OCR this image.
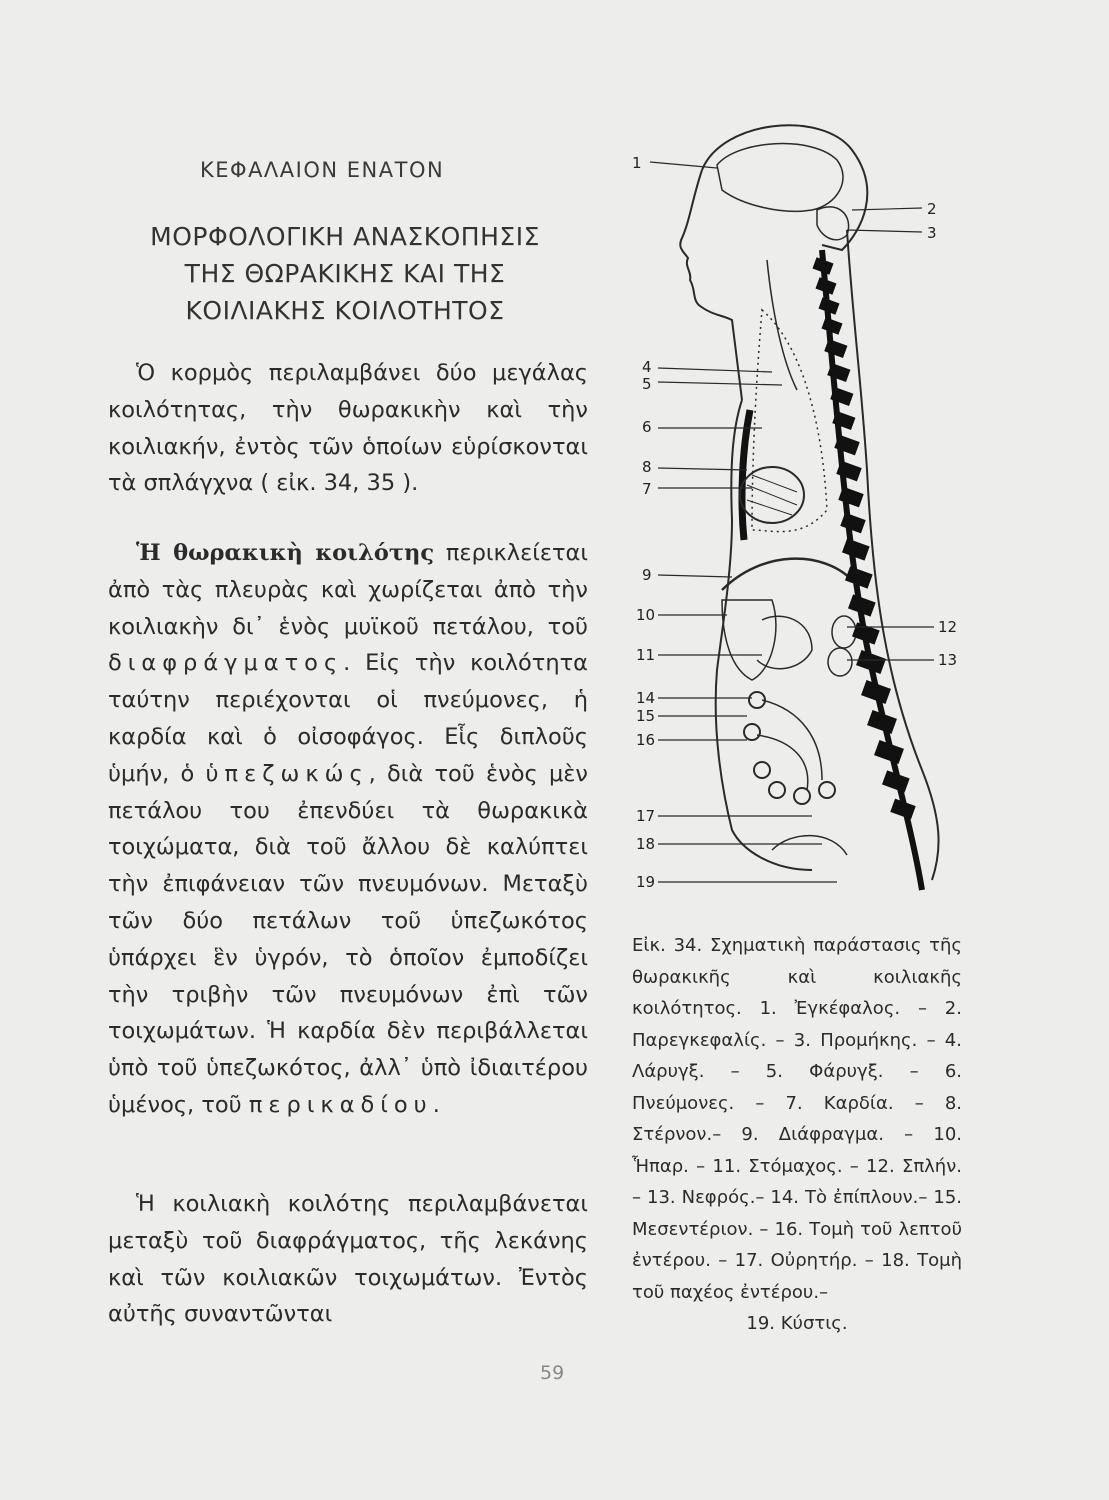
ΚΕΦΑΛΑΙΟΝ ΕΝΑΤΟΝ
ΜΟΡΦΟΛΟΓΙΚΗ ΑΝΑΣΚΟΠΗΣΙΣ
ΤΗΣ ΘΩΡΑΚΙΚΗΣ ΚΑΙ ΤΗΣ
ΚΟΙΛΙΑΚΗΣ ΚΟΙΛΟΤΗΤΟΣ
Ὁ κορμὸς περιλαμβάνει δύο μεγάλας κοιλότητας, τὴν θωρακικὴν καὶ τὴν κοιλιακήν, ἐντὸς τῶν ὁποίων εὑρίσκονται τὰ σπλάγχνα ( εἰκ. 34, 35 ).
Ἡ θωρακικὴ κοιλότης περικλείεται ἀπὸ τὰς πλευρὰς καὶ χωρίζεται ἀπὸ τὴν κοιλιακὴν δι᾽ ἑνὸς μυϊκοῦ πετάλου, τοῦ διαφράγματος. Εἰς τὴν κοιλότητα ταύτην περιέχονται οἱ πνεύμονες, ἡ καρδία καὶ ὁ οἰσοφάγος. Εἷς διπλοῦς ὑμήν, ὁ ὑπεζωκώς, διὰ τοῦ ἑνὸς μὲν πετάλου του ἐπενδύει τὰ θωρακικὰ τοιχώματα, διὰ τοῦ ἄλλου δὲ καλύπτει τὴν ἐπιφάνειαν τῶν πνευμόνων. Μεταξὺ τῶν δύο πετάλων τοῦ ὑπεζωκότος ὑπάρχει ἓν ὑγρόν, τὸ ὁποῖον ἐμποδίζει τὴν τριβὴν τῶν πνευμόνων ἐπὶ τῶν τοιχωμάτων. Ἡ καρδία δὲν περιβάλλεται ὑπὸ τοῦ ὑπεζωκότος, ἀλλ᾽ ὑπὸ ἰδιαιτέρου ὑμένος, τοῦ περικαδίου.
Ἡ κοιλιακὴ κοιλότης περιλαμβάνεται μεταξὺ τοῦ διαφράγματος, τῆς λεκάνης καὶ τῶν κοιλιακῶν τοιχωμάτων. Ἐντὸς αὐτῆς συναντῶνται
1
2
3
4
5
6
8
7
9
10
11
12
13
14
15
16
17
18
19
Εἰκ. 34. Σχηματικὴ παράστασις τῆς θωρακικῆς καὶ κοιλιακῆς κοιλότητος. 1. Ἐγκέφαλος. – 2. Παρεγκεφαλίς. – 3. Προμήκης. – 4. Λάρυγξ. – 5. Φάρυγξ. – 6. Πνεύμονες. – 7. Καρδία. – 8. Στέρνον.– 9. Διάφραγμα. – 10. Ἧπαρ. – 11. Στόμαχος. – 12. Σπλήν. – 13. Νεφρός.– 14. Τὸ ἐπίπλουν.– 15. Μεσεντέριον. – 16. Τομὴ τοῦ λεπτοῦ ἐντέρου. – 17. Οὐρητήρ. – 18. Τομὴ τοῦ παχέος ἐντέρου.–
19. Κύστις.
59
